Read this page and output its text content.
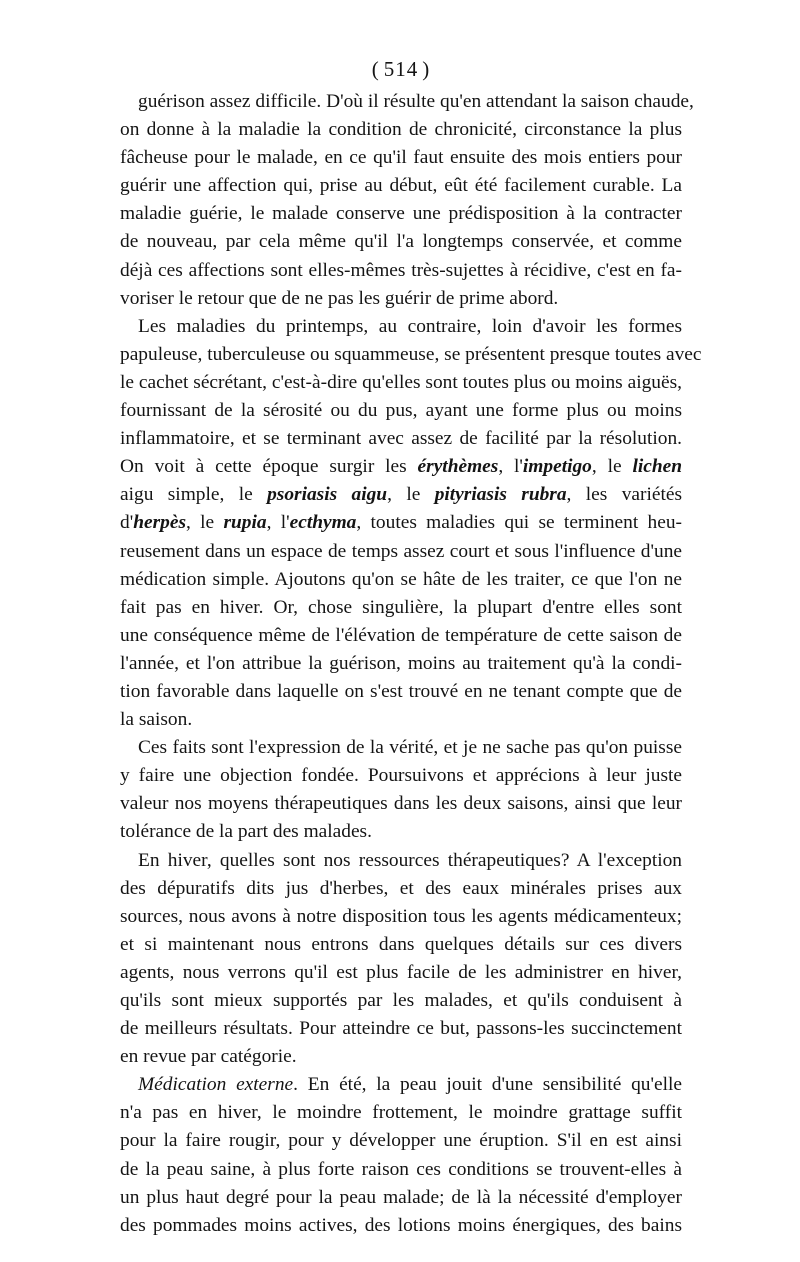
( 514 )

guérison assez difficile. D'où il résulte qu'en attendant la saison chaude,
on donne à la maladie la condition de chronicité, circonstance la plus
fâcheuse pour le malade, en ce qu'il faut ensuite des mois entiers pour
guérir une affection qui, prise au début, eût été facilement curable. La
maladie guérie, le malade conserve une prédisposition à la contracter
de nouveau, par cela même qu'il l'a longtemps conservée, et comme
déjà ces affections sont elles-mêmes très-sujettes à récidive, c'est en fa-
voriser le retour que de ne pas les guérir de prime abord.

Les maladies du printemps, au contraire, loin d'avoir les formes
papuleuse, tuberculeuse ou squammeuse, se présentent presque toutes avec
le cachet sécrétant, c'est-à-dire qu'elles sont toutes plus ou moins aiguës,
fournissant de la sérosité ou du pus, ayant une forme plus ou moins
inflammatoire, et se terminant avec assez de facilité par la résolution.
On voit à cette époque surgir les érythèmes, l'impetigo, le lichen
aigu simple, le psoriasis aigu, le pityriasis rubra, les variétés
d'herpès, le rupia, l'ecthyma, toutes maladies qui se terminent heu-
reusement dans un espace de temps assez court et sous l'influence d'une
médication simple. Ajoutons qu'on se hâte de les traiter, ce que l'on ne
fait pas en hiver. Or, chose singulière, la plupart d'entre elles sont
une conséquence même de l'élévation de température de cette saison de
l'année, et l'on attribue la guérison, moins au traitement qu'à la condi-
tion favorable dans laquelle on s'est trouvé en ne tenant compte que de
la saison.

Ces faits sont l'expression de la vérité, et je ne sache pas qu'on puisse
y faire une objection fondée. Poursuivons et apprécions à leur juste
valeur nos moyens thérapeutiques dans les deux saisons, ainsi que leur
tolérance de la part des malades.

En hiver, quelles sont nos ressources thérapeutiques? A l'exception
des dépuratifs dits jus d'herbes, et des eaux minérales prises aux
sources, nous avons à notre disposition tous les agents médicamenteux;
et si maintenant nous entrons dans quelques détails sur ces divers
agents, nous verrons qu'il est plus facile de les administrer en hiver,
qu'ils sont mieux supportés par les malades, et qu'ils conduisent à
de meilleurs résultats. Pour atteindre ce but, passons-les succinctement
en revue par catégorie.

Médication externe. En été, la peau jouit d'une sensibilité qu'elle
n'a pas en hiver, le moindre frottement, le moindre grattage suffit
pour la faire rougir, pour y développer une éruption. S'il en est ainsi
de la peau saine, à plus forte raison ces conditions se trouvent-elles à
un plus haut degré pour la peau malade; de là la nécessité d'employer
des pommades moins actives, des lotions moins énergiques, des bains
